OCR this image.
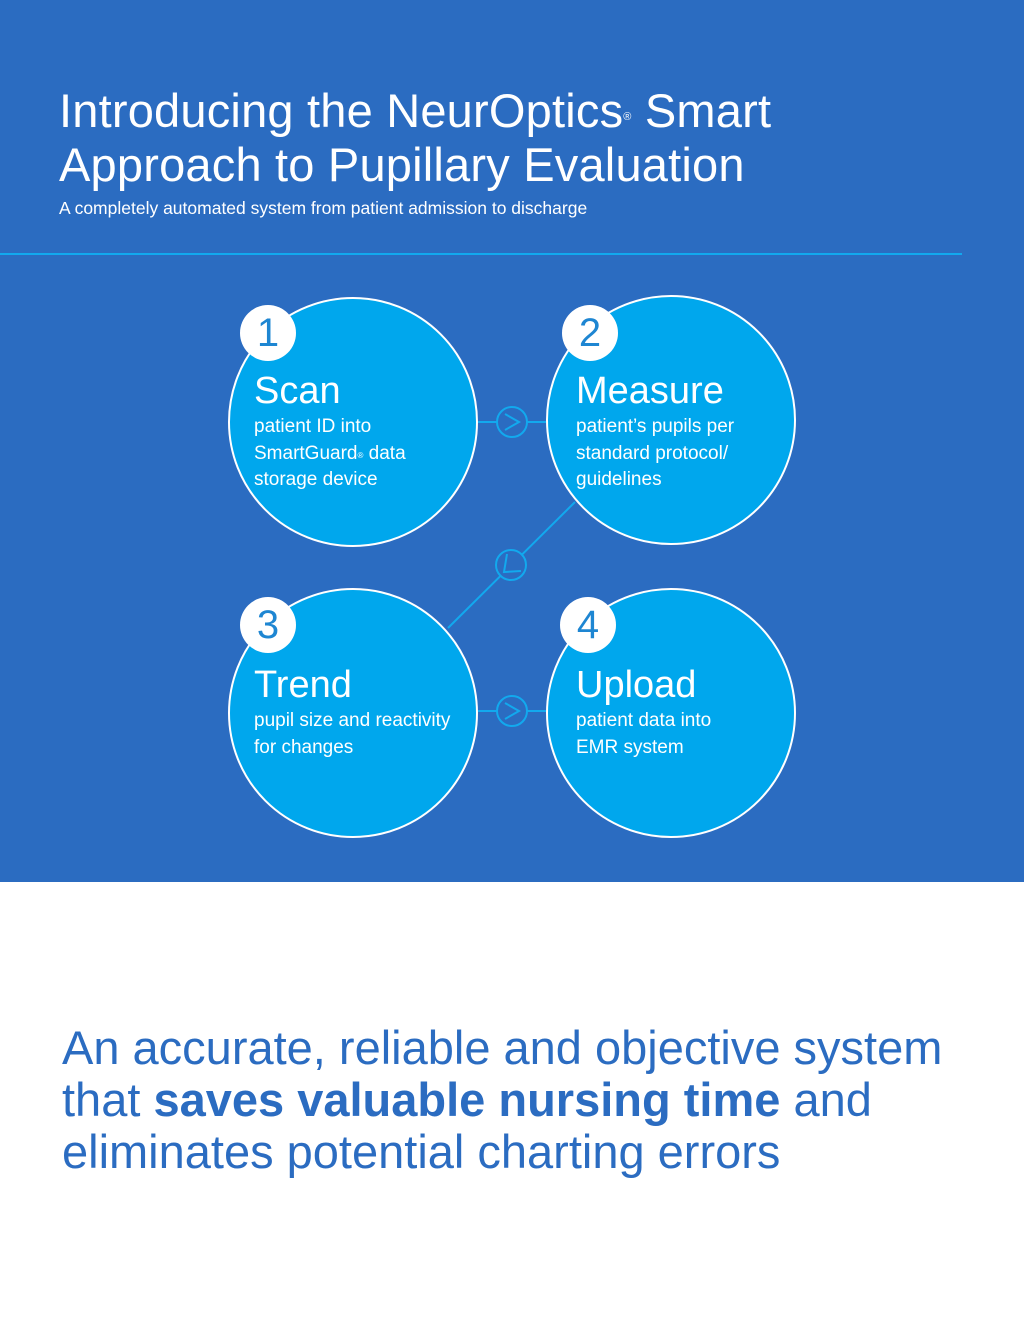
Introducing the NeurOptics® Smart Approach to Pupillary Evaluation
A completely automated system from patient admission to discharge
1
Scan
patient ID into SmartGuard® data storage device
2
Measure
patient’s pupils per standard protocol/ guidelines
3
Trend
pupil size and reactivity for changes
4
Upload
patient data into EMR system
An accurate, reliable and objective system that saves valuable nursing time and eliminates potential charting errors
